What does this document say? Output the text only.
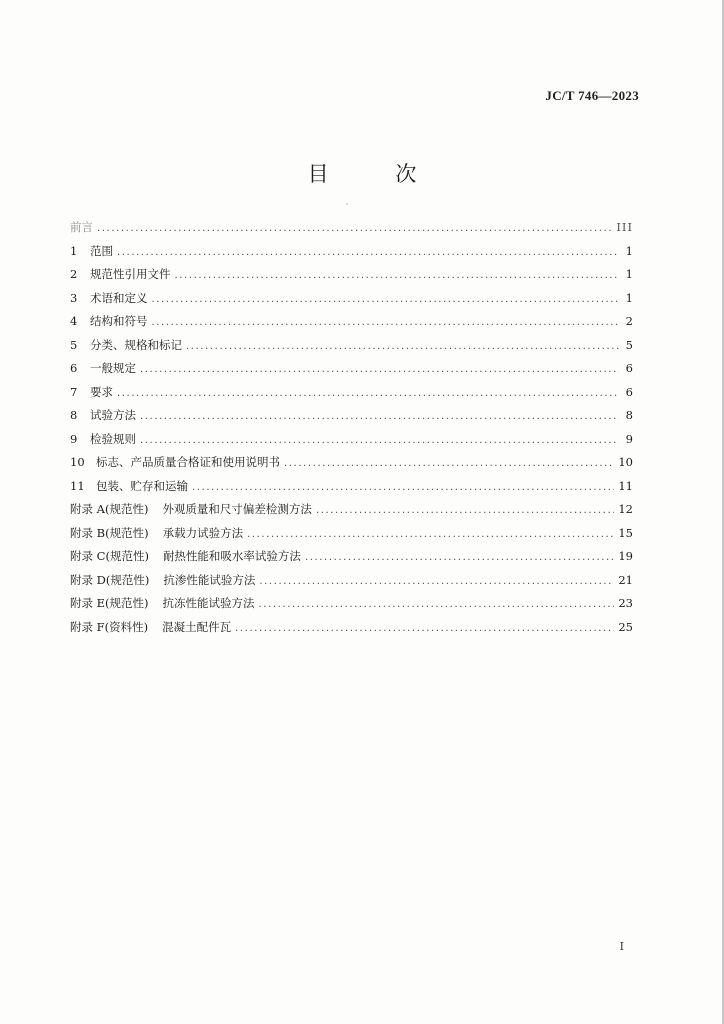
JC/T 746—2023
目 次
前言 .....	III
1	范围 .....	1
2	规范性引用文件 .....	1
3	术语和定义 .....	1
4	结构和符号 .....	2
5	分类、规格和标记 .....	5
6	一般规定 .....	6
7	要求 .....	6
8	试验方法 .....	8
9	检验规则 .....	9
10 标志、产品质量合格证和使用说明书 .....	10
11 包装、贮存和运输 .....	11
附录 A(规范性) 外观质量和尺寸偏差检测方法 .....	12
附录 B(规范性) 承载力试验方法 .....	15
附录 C(规范性) 耐热性能和吸水率试验方法 .....	19
附录 D(规范性) 抗渗性能试验方法 .....	21
附录 E(规范性) 抗冻性能试验方法 .....	23
附录 F(资料性) 混凝土配件瓦 .....	25
I
